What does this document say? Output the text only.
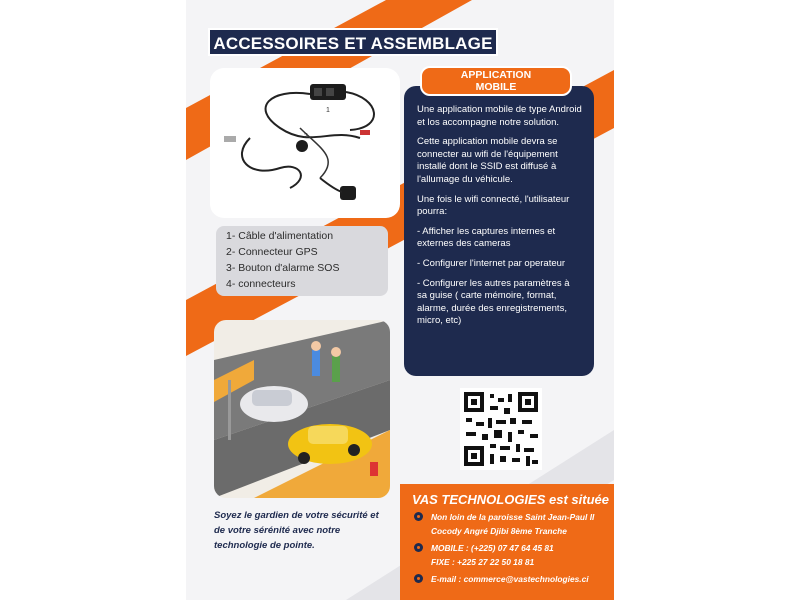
ACCESSOIRES ET ASSEMBLAGE
2
1
1- Câble d'alimentation
2- Connecteur GPS
3- Bouton d'alarme SOS
4- connecteurs

Une application mobile de type Android et los accompagne notre solution.

Cette application mobile devra se connecter au wifi de l'équipement installé dont le SSID est diffusé à l'allumage du véhicule.

Une fois le wifi connecté, l'utilisateur pourra:

- Afficher les captures internes et externes des cameras

- Configurer l'internet par operateur

- Configurer les autres paramètres à sa guise ( carte mémoire, format, alarme, durée des enregistrements, micro, etc)

APPLICATION
MOBILE
Soyez le gardien de votre sécurité et de votre sérénité avec notre technologie de pointe.
VAS TECHNOLOGIES est située
Non loin de la paroisse Saint Jean-Paul II
Cocody Angré Djibi 8ème Tranche
MOBILE : (+225) 07 47 64 45 81
FIXE : +225 27 22 50 18 81
E-mail : commerce@vastechnologies.ci
